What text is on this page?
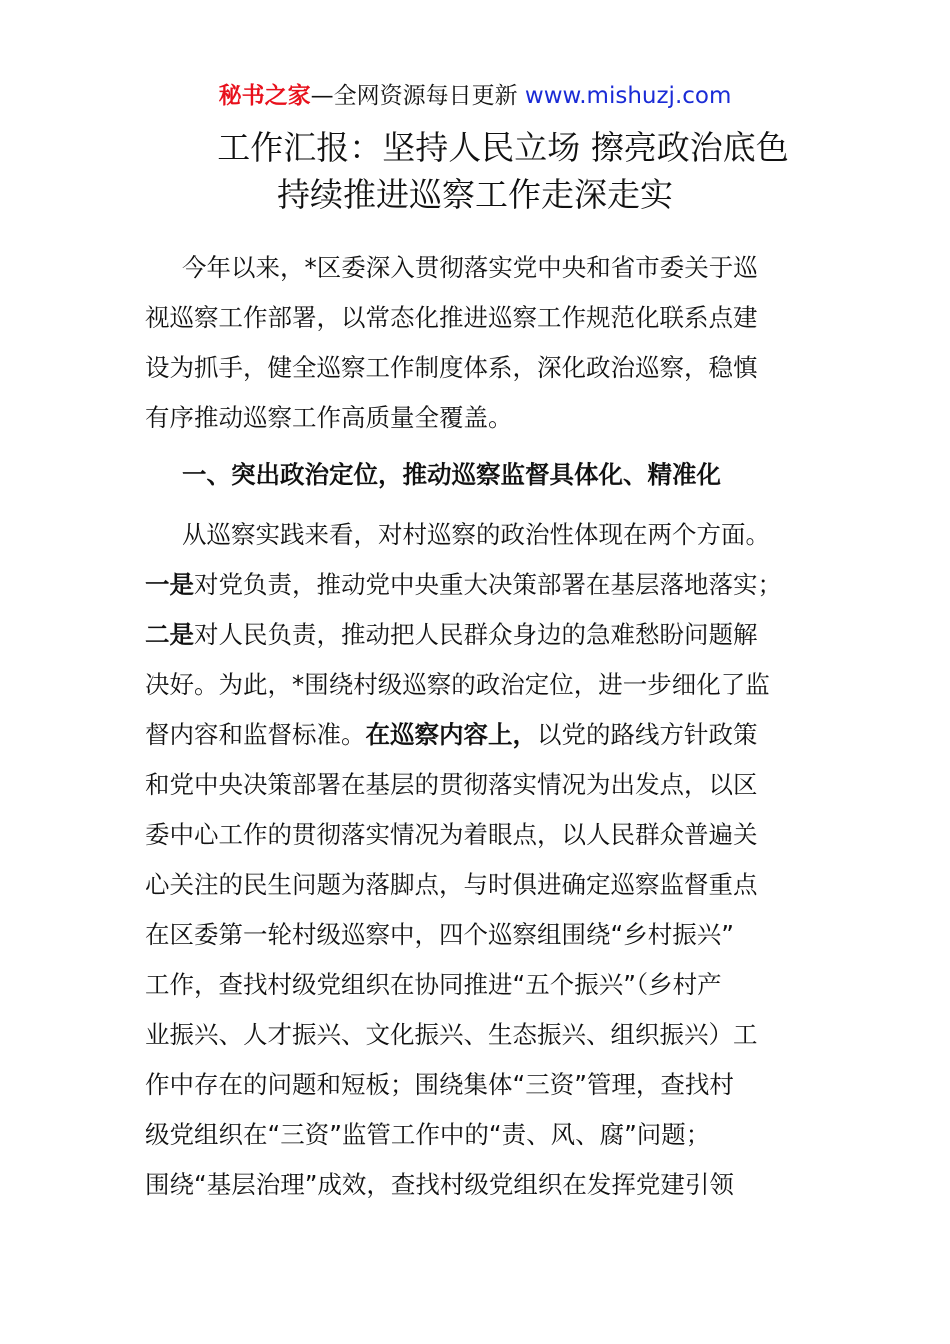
秘书之家—全网资源每日更新 www.mishuzj.com
工作汇报：坚持人民立场 擦亮政治底色
持续推进巡察工作走深走实
今年以来，*区委深入贯彻落实党中央和省市委关于巡
视巡察工作部署，以常态化推进巡察工作规范化联系点建
设为抓手，健全巡察工作制度体系，深化政治巡察，稳慎
有序推动巡察工作高质量全覆盖。
一、突出政治定位，推动巡察监督具体化、精准化
从巡察实践来看，对村巡察的政治性体现在两个方面。
一是对党负责，推动党中央重大决策部署在基层落地落实；
二是对人民负责，推动把人民群众身边的急难愁盼问题解
决好。为此，*围绕村级巡察的政治定位，进一步细化了监
督内容和监督标准。在巡察内容上，以党的路线方针政策
和党中央决策部署在基层的贯彻落实情况为出发点，以区
委中心工作的贯彻落实情况为着眼点，以人民群众普遍关
心关注的民生问题为落脚点，与时俱进确定巡察监督重点
在区委第一轮村级巡察中，四个巡察组围绕“乡村振兴”
工作，查找村级党组织在协同推进“五个振兴”（乡村产
业振兴、人才振兴、文化振兴、生态振兴、组织振兴）工
作中存在的问题和短板；围绕集体“三资”管理，查找村
级党组织在“三资”监管工作中的“责、风、腐”问题；
围绕“基层治理”成效，查找村级党组织在发挥党建引领
